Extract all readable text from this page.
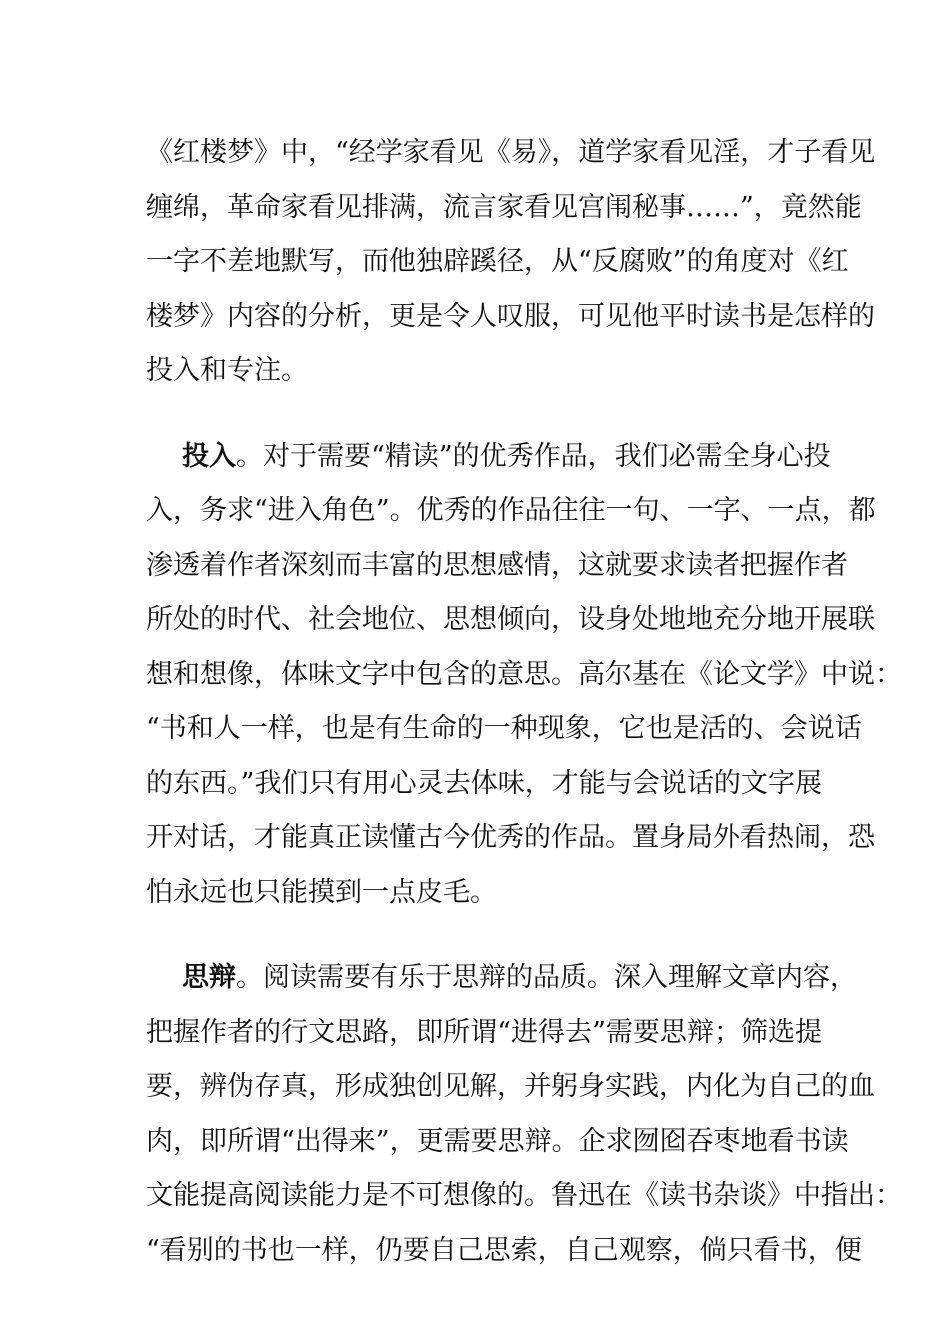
《红楼梦》中，“经学家看见《易》，道学家看见淫，才子看见
缠绵，革命家看见排满，流言家看见宫闱秘事……”，竟然能
一字不差地默写，而他独辟蹊径，从“反腐败”的角度对《红
楼梦》内容的分析，更是令人叹服，可见他平时读书是怎样的
投入和专注。
投入。对于需要“精读”的优秀作品，我们必需全身心投
入，务求“进入角色”。优秀的作品往往一句、一字、一点，都
渗透着作者深刻而丰富的思想感情，这就要求读者把握作者
所处的时代、社会地位、思想倾向，设身处地地充分地开展联
想和想像，体味文字中包含的意思。高尔基在《论文学》中说：
“书和人一样，也是有生命的一种现象，它也是活的、会说话
的东西。”我们只有用心灵去体味，才能与会说话的文字展
开对话，才能真正读懂古今优秀的作品。置身局外看热闹，恐
怕永远也只能摸到一点皮毛。
思辩。阅读需要有乐于思辩的品质。深入理解文章内容，
把握作者的行文思路，即所谓“进得去”需要思辩；筛选提
要，辨伪存真，形成独创见解，并躬身实践，内化为自己的血
肉，即所谓“出得来”，更需要思辩。企求囫囵吞枣地看书读
文能提高阅读能力是不可想像的。鲁迅在《读书杂谈》中指出：
“看别的书也一样，仍要自己思索，自己观察，倘只看书，便
